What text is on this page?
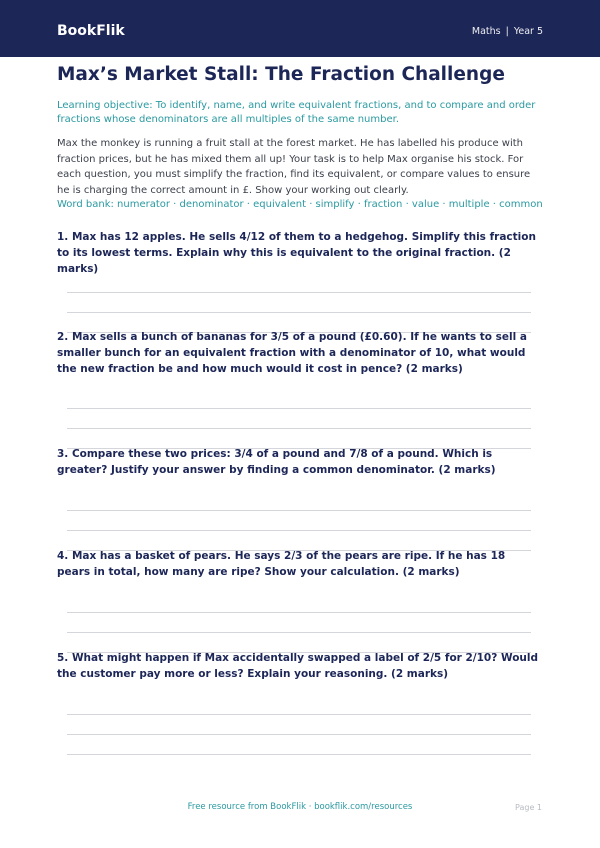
BookFlik	Maths | Year 5
Max’s Market Stall: The Fraction Challenge

Learning objective: To identify, name, and write equivalent fractions, and to compare and order fractions whose denominators are all multiples of the same number.

Max the monkey is running a fruit stall at the forest market. He has labelled his produce with fraction prices, but he has mixed them all up! Your task is to help Max organise his stock. For each question, you must simplify the fraction, find its equivalent, or compare values to ensure he is charging the correct amount in £. Show your working out clearly.

Word bank: numerator · denominator · equivalent · simplify · fraction · value · multiple · common

1. Max has 12 apples. He sells 4/12 of them to a hedgehog. Simplify this fraction to its lowest terms. Explain why this is equivalent to the original fraction. (2 marks)

2. Max sells a bunch of bananas for 3/5 of a pound (£0.60). If he wants to sell a smaller bunch for an equivalent fraction with a denominator of 10, what would the new fraction be and how much would it cost in pence? (2 marks)

3. Compare these two prices: 3/4 of a pound and 7/8 of a pound. Which is greater? Justify your answer by finding a common denominator. (2 marks)

4. Max has a basket of pears. He says 2/3 of the pears are ripe. If he has 18 pears in total, how many are ripe? Show your calculation. (2 marks)

5. What might happen if Max accidentally swapped a label of 2/5 for 2/10? Would the customer pay more or less? Explain your reasoning. (2 marks)

Free resource from BookFlik · bookflik.com/resources	Page 1
